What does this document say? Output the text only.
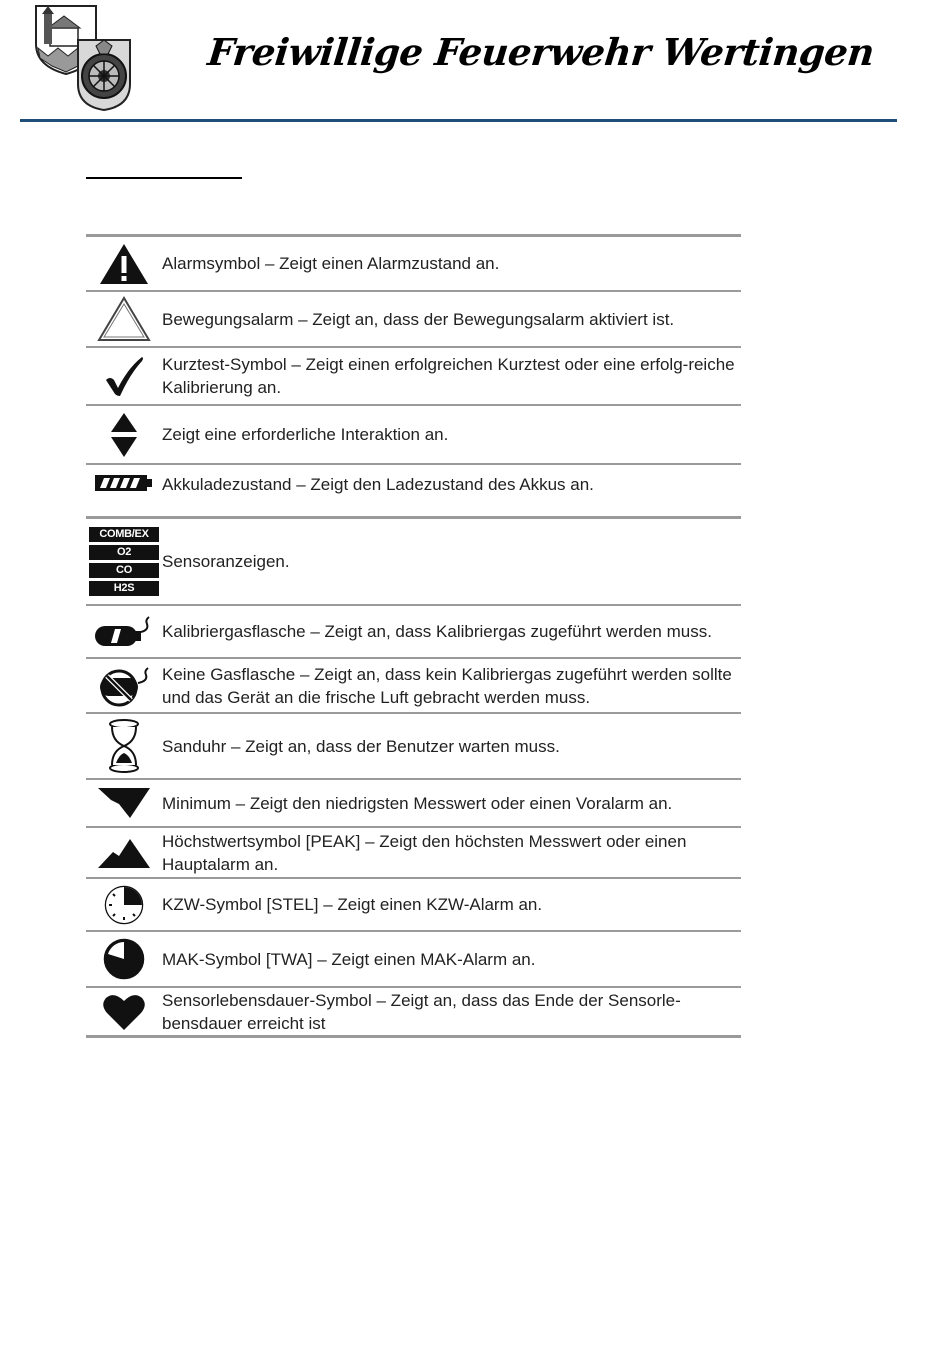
Freiwillige Feuerwehr Wertingen
Alarmsymbol – Zeigt einen Alarmzustand an.
Bewegungsalarm – Zeigt an, dass der Bewegungsalarm aktiviert ist.
Kurztest-Symbol – Zeigt einen erfolgreichen Kurztest oder eine erfolg-reiche Kalibrierung an.
Zeigt eine erforderliche Interaktion an.
Akkuladezustand – Zeigt den Ladezustand des Akkus an.
COMB/EX
O2
CO
H2S
Sensoranzeigen.
Kalibriergasflasche – Zeigt an, dass Kalibriergas zugeführt werden muss.
Keine Gasflasche – Zeigt an, dass kein Kalibriergas zugeführt werden sollte und das Gerät an die frische Luft gebracht werden muss.
Sanduhr – Zeigt an, dass der Benutzer warten muss.
Minimum – Zeigt den niedrigsten Messwert oder einen Voralarm an.
Höchstwertsymbol [PEAK] – Zeigt den höchsten Messwert oder einen Hauptalarm an.
KZW-Symbol [STEL] – Zeigt einen KZW-Alarm an.
MAK-Symbol [TWA] – Zeigt einen MAK-Alarm an.
Sensorlebensdauer-Symbol – Zeigt an, dass das Ende der Sensorle-bensdauer erreicht ist
